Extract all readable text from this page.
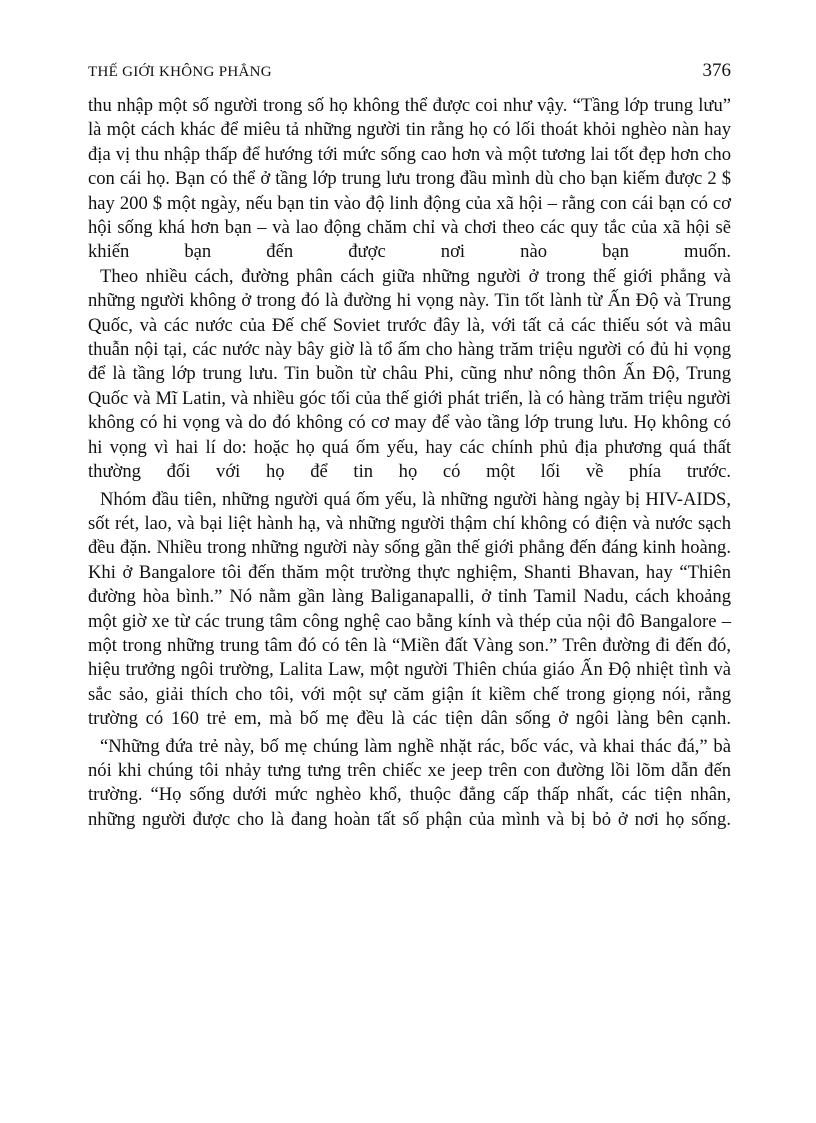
THẾ GIỚI KHÔNG PHẲNG	376

thu nhập một số người trong số họ không thể được coi như vậy. “Tầng lớp trung lưu” là một cách khác để miêu tả những người tin rằng họ có lối thoát khỏi nghèo nàn hay địa vị thu nhập thấp để hướng tới mức sống cao hơn và một tương lai tốt đẹp hơn cho con cái họ. Bạn có thể ở tầng lớp trung lưu trong đầu mình dù cho bạn kiếm được 2 $ hay 200 $ một ngày, nếu bạn tin vào độ linh động của xã hội – rằng con cái bạn có cơ hội sống khá hơn bạn – và lao động chăm chỉ và chơi theo các quy tắc của xã hội sẽ khiến bạn đến được nơi nào bạn muốn.

Theo nhiều cách, đường phân cách giữa những người ở trong thế giới phẳng và những người không ở trong đó là đường hi vọng này. Tin tốt lành từ Ấn Độ và Trung Quốc, và các nước của Đế chế Soviet trước đây là, với tất cả các thiếu sót và mâu thuẫn nội tại, các nước này bây giờ là tổ ấm cho hàng trăm triệu người có đủ hi vọng để là tầng lớp trung lưu. Tin buồn từ châu Phi, cũng như nông thôn Ấn Độ, Trung Quốc và Mĩ Latin, và nhiều góc tối của thế giới phát triển, là có hàng trăm triệu người không có hi vọng và do đó không có cơ may để vào tầng lớp trung lưu. Họ không có hi vọng vì hai lí do: hoặc họ quá ốm yếu, hay các chính phủ địa phương quá thất thường đối với họ để tin họ có một lối về phía trước.

Nhóm đầu tiên, những người quá ốm yếu, là những người hàng ngày bị HIV-AIDS, sốt rét, lao, và bại liệt hành hạ, và những người thậm chí không có điện và nước sạch đều đặn. Nhiều trong những người này sống gần thế giới phẳng đến đáng kinh hoàng. Khi ở Bangalore tôi đến thăm một trường thực nghiệm, Shanti Bhavan, hay “Thiên đường hòa bình.” Nó nằm gần làng Baliganapalli, ở tỉnh Tamil Nadu, cách khoảng một giờ xe từ các trung tâm công nghệ cao bằng kính và thép của nội đô Bangalore – một trong những trung tâm đó có tên là “Miền đất Vàng son.” Trên đường đi đến đó, hiệu trưởng ngôi trường, Lalita Law, một người Thiên chúa giáo Ấn Độ nhiệt tình và sắc sảo, giải thích cho tôi, với một sự căm giận ít kiềm chế trong giọng nói, rằng trường có 160 trẻ em, mà bố mẹ đều là các tiện dân sống ở ngôi làng bên cạnh.

“Những đứa trẻ này, bố mẹ chúng làm nghề nhặt rác, bốc vác, và khai thác đá,” bà nói khi chúng tôi nhảy tưng tưng trên chiếc xe jeep trên con đường lồi lõm dẫn đến trường. “Họ sống dưới mức nghèo khổ, thuộc đẳng cấp thấp nhất, các tiện nhân, những người được cho là đang hoàn tất số phận của mình và bị bỏ ở nơi họ sống.
